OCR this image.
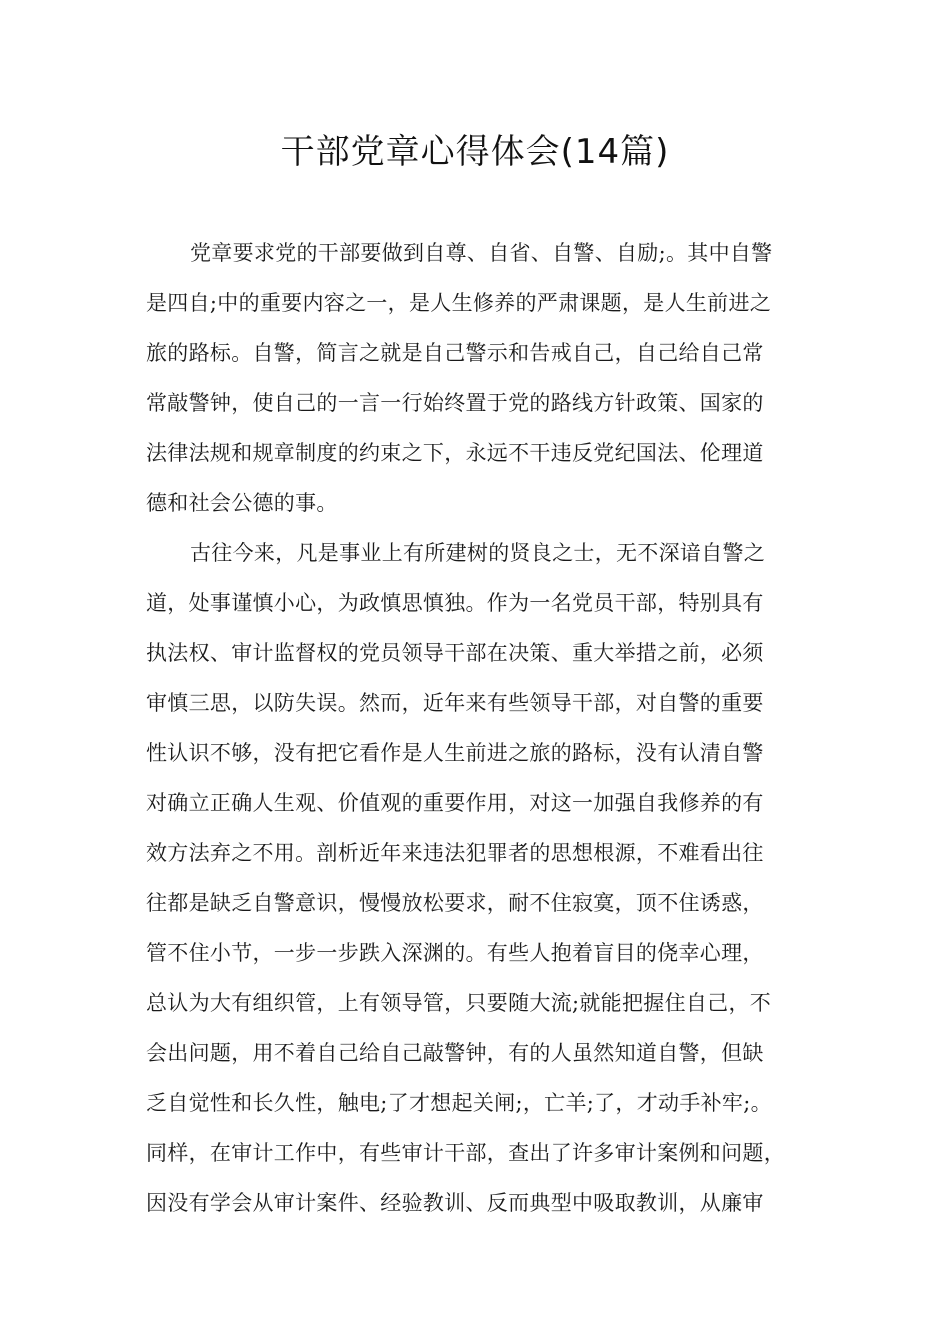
干部党章心得体会(14篇)
党章要求党的干部要做到自尊、自省、自警、自励;。其中自警
是四自;中的重要内容之一，是人生修养的严肃课题，是人生前进之
旅的路标。自警，简言之就是自己警示和告戒自己，自己给自己常
常敲警钟，使自己的一言一行始终置于党的路线方针政策、国家的
法律法规和规章制度的约束之下，永远不干违反党纪国法、伦理道
德和社会公德的事。
古往今来，凡是事业上有所建树的贤良之士，无不深谙自警之
道，处事谨慎小心，为政慎思慎独。作为一名党员干部，特别具有
执法权、审计监督权的党员领导干部在决策、重大举措之前，必须
审慎三思，以防失误。然而，近年来有些领导干部，对自警的重要
性认识不够，没有把它看作是人生前进之旅的路标，没有认清自警
对确立正确人生观、价值观的重要作用，对这一加强自我修养的有
效方法弃之不用。剖析近年来违法犯罪者的思想根源，不难看出往
往都是缺乏自警意识，慢慢放松要求，耐不住寂寞，顶不住诱惑，
管不住小节，一步一步跌入深渊的。有些人抱着盲目的侥幸心理，
总认为大有组织管，上有领导管，只要随大流;就能把握住自己，不
会出问题，用不着自己给自己敲警钟，有的人虽然知道自警，但缺
乏自觉性和长久性，触电;了才想起关闸;，亡羊;了，才动手补牢;。
同样，在审计工作中，有些审计干部，查出了许多审计案例和问题，
因没有学会从审计案件、经验教训、反而典型中吸取教训，从廉审
